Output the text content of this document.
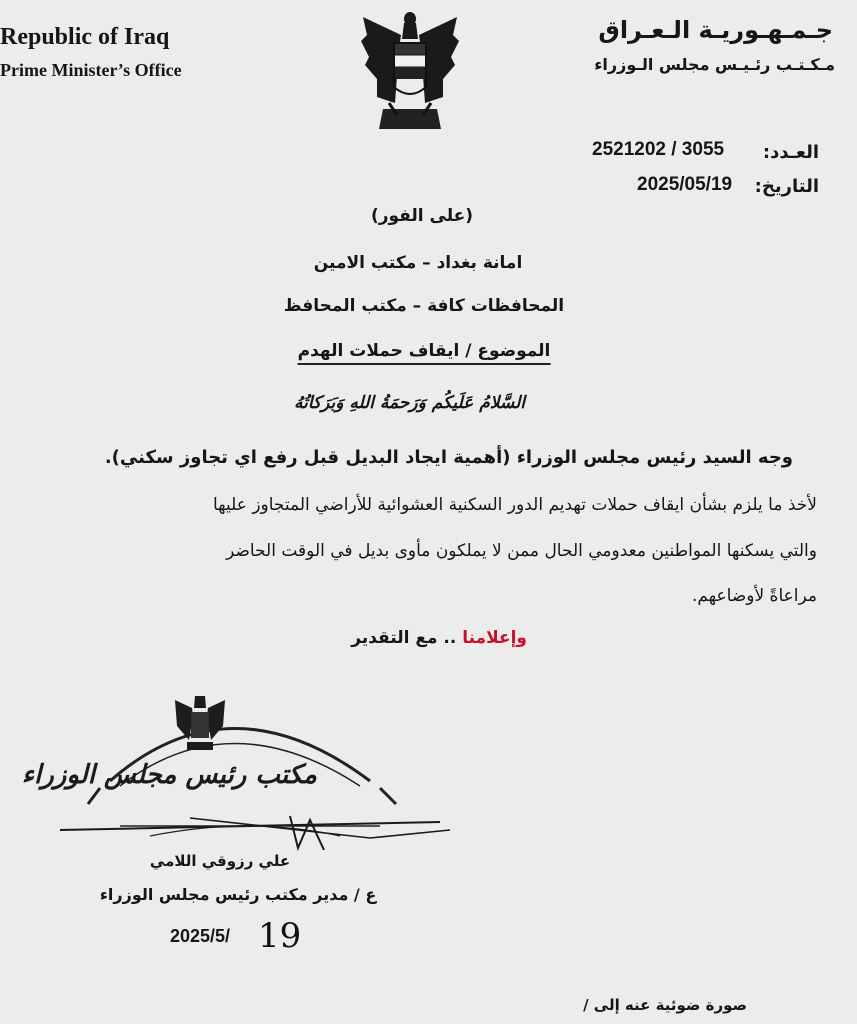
Republic of Iraq
Prime Minister’s Office
جـمـهـوريـة الـعـراق
مـكـتـب رئـيـس مجلس الـوزراء
العـدد:
2521202 / 3055
التاريخ:
2025/05/19
(على الفور)
امانة بغداد – مكتب الامين
المحافظات كافة – مكتب المحافظ
الموضوع / ايقاف حملات الهدم
السَّلامُ عَلَيكُم وَرَحمَةُ اللهِ وَبَرَكاتُهُ
وجه السيد رئيس مجلس الوزراء (أهمية ايجاد البديل قبل رفع اي تجاوز سكني).
لأخذ ما يلزم بشأن ايقاف حملات تهديم الدور السكنية العشوائية للأراضي المتجاوز عليها
والتي يسكنها المواطنين معدومي الحال ممن لا يملكون مأوى بديل في الوقت الحاضر
مراعاةً لأوضاعهم.
وإعلامنا .. مع التقدير
مكتب رئيس مجلس الوزراء
علي رزوقي اللامي
ع / مدير مكتب رئيس مجلس الوزراء
2025/5/ 19
صورة ضوئية عنه إلى /
